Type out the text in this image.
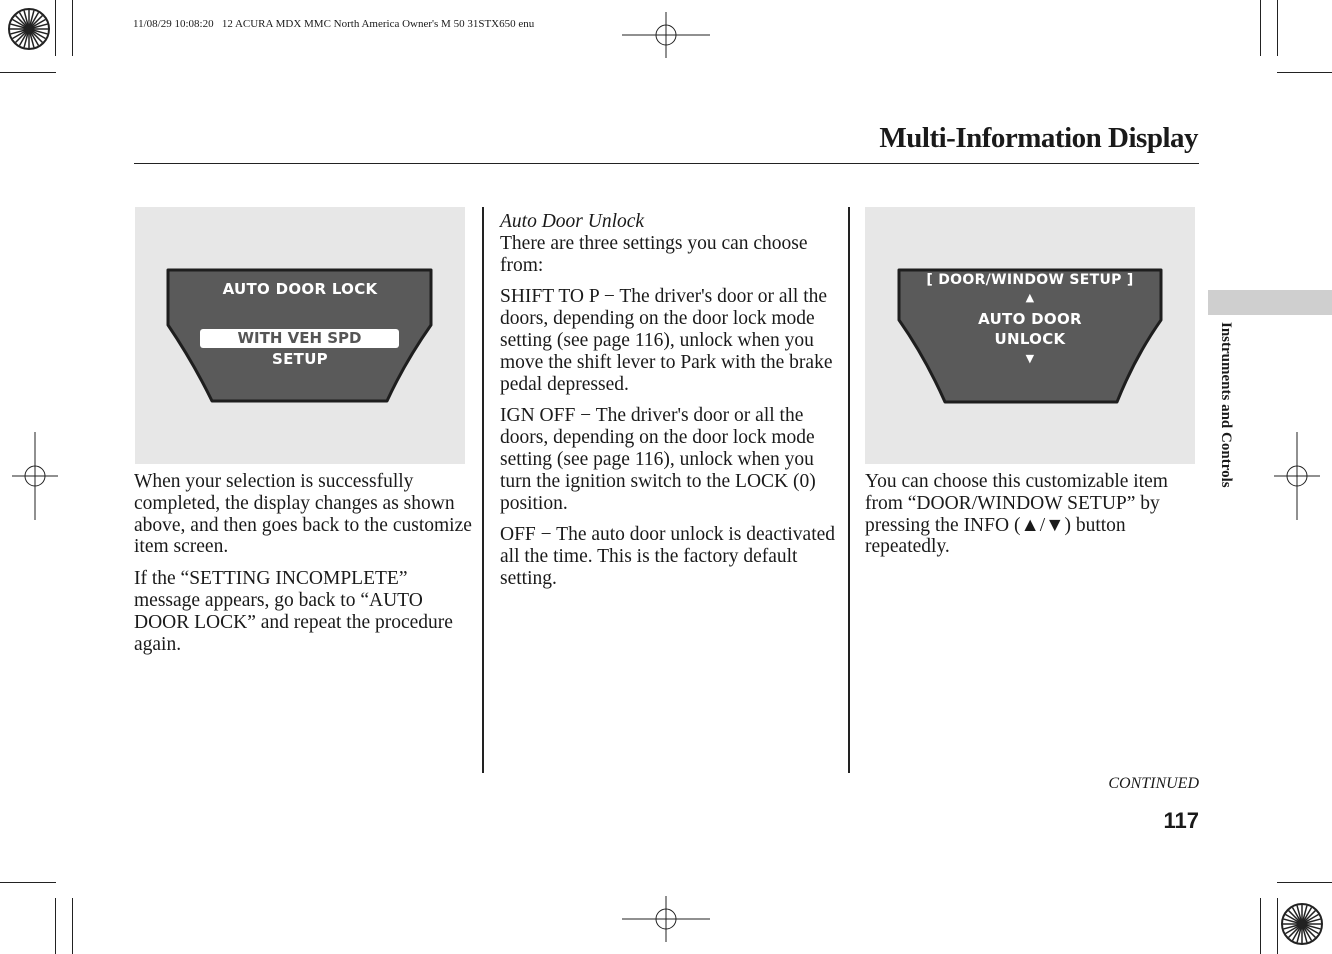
11/08/29 10:08:20   12 ACURA MDX MMC North America Owner's M 50 31STX650 enu
Multi-Information Display
AUTO DOOR LOCK
WITH VEH SPD
SETUP

When your selection is successfully completed, the display changes as shown above, and then goes back to the customize item screen.

If the “SETTING INCOMPLETE” message appears, go back to “AUTO DOOR LOCK” and repeat the procedure again.

Auto Door Unlock

There are three settings you can choose from:

SHIFT TO P − The driver's door or all the doors, depending on the door lock mode setting (see page 116), unlock when you move the shift lever to Park with the brake pedal depressed.

IGN OFF − The driver's door or all the doors, depending on the door lock mode setting (see page 116), unlock when you turn the ignition switch to the LOCK (0) position.

OFF − The auto door unlock is deactivated all the time. This is the factory default setting.

[ DOOR/WINDOW SETUP ]
▲
AUTO DOOR
UNLOCK
▼

You can choose this customizable item from “DOOR/WINDOW SETUP” by pressing the INFO (▲/▼) button repeatedly.

Instruments and Controls
CONTINUED
117
